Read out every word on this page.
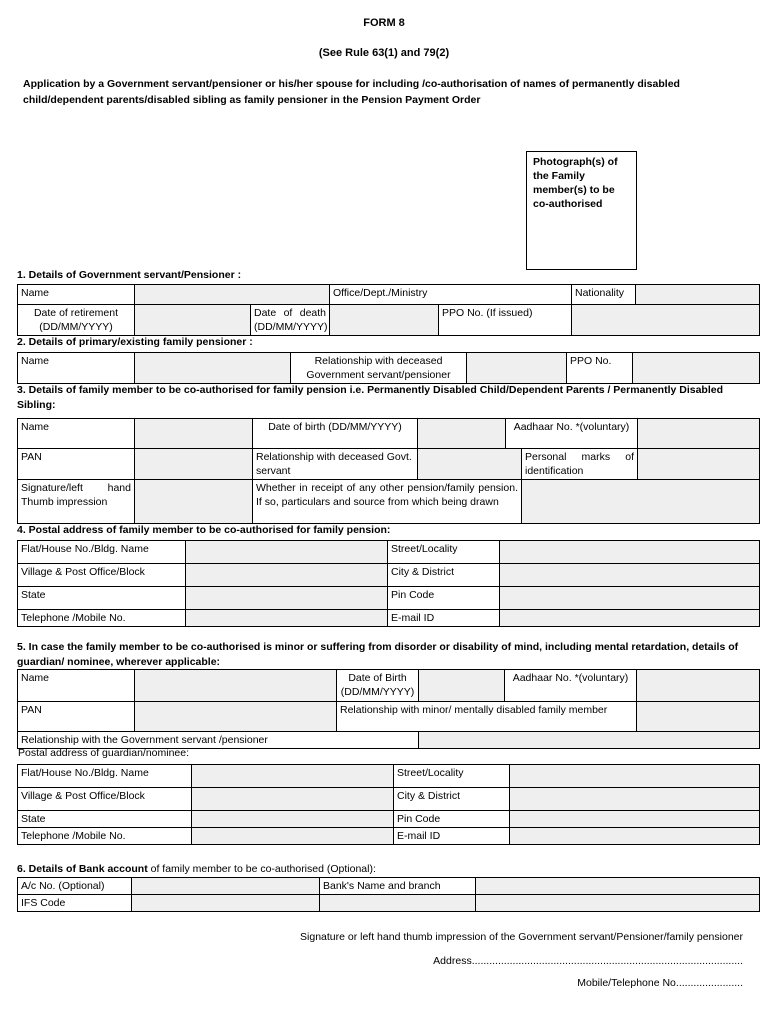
FORM 8
(See Rule 63(1) and 79(2)
Application by a Government servant/pensioner or his/her spouse for including /co-authorisation of names of permanently disabled child/dependent parents/disabled sibling as family pensioner in the Pension Payment Order
Photograph(s) of the Family member(s) to be co-authorised
1. Details of Government servant/Pensioner :
Name			Office/Dept./Ministry		Nationality	
Date of retirement (DD/MM/YYYY)		Date of death (DD/MM/YYYY)		PPO No. (If issued)		
2. Details of primary/existing family pensioner :
Name		Relationship with deceased Government servant/pensioner		PPO No.	
3. Details of family member to be co-authorised for family pension i.e. Permanently Disabled Child/Dependent Parents / Permanently Disabled Sibling:
Name		Date of birth (DD/MM/YYYY)		Aadhaar No. *(voluntary)		
PAN		Relationship with deceased Govt. servant			Personal marks of identification	
Signature/left hand Thumb impression		Whether in receipt of any other pension/family pension. If so, particulars and source from which being drawn				
4. Postal address of family member to be co-authorised for family pension:
Flat/House No./Bldg. Name		Street/Locality	
Village & Post Office/Block		City & District	
State		Pin Code	
Telephone /Mobile No.		E-mail ID	
5. In case the family member to be co-authorised is minor or suffering from disorder or disability of mind, including mental retardation, details of guardian/ nominee, wherever applicable:
Name		Date of Birth (DD/MM/YYYY)		Aadhaar No. *(voluntary)	
PAN		Relationship with minor/ mentally disabled family member			
Relationship with the Government servant /pensioner					
Postal address of guardian/nominee:
Flat/House No./Bldg. Name		Street/Locality	
Village & Post Office/Block		City & District	
State		Pin Code	
Telephone /Mobile No.		E-mail ID	
6. Details of Bank account of family member to be co-authorised (Optional):
A/c No. (Optional)		Bank's Name and branch	
IFS Code			
Signature or left hand thumb impression of the Government servant/Pensioner/family pensioner
Address.............................................................................................
Mobile/Telephone No.......................
